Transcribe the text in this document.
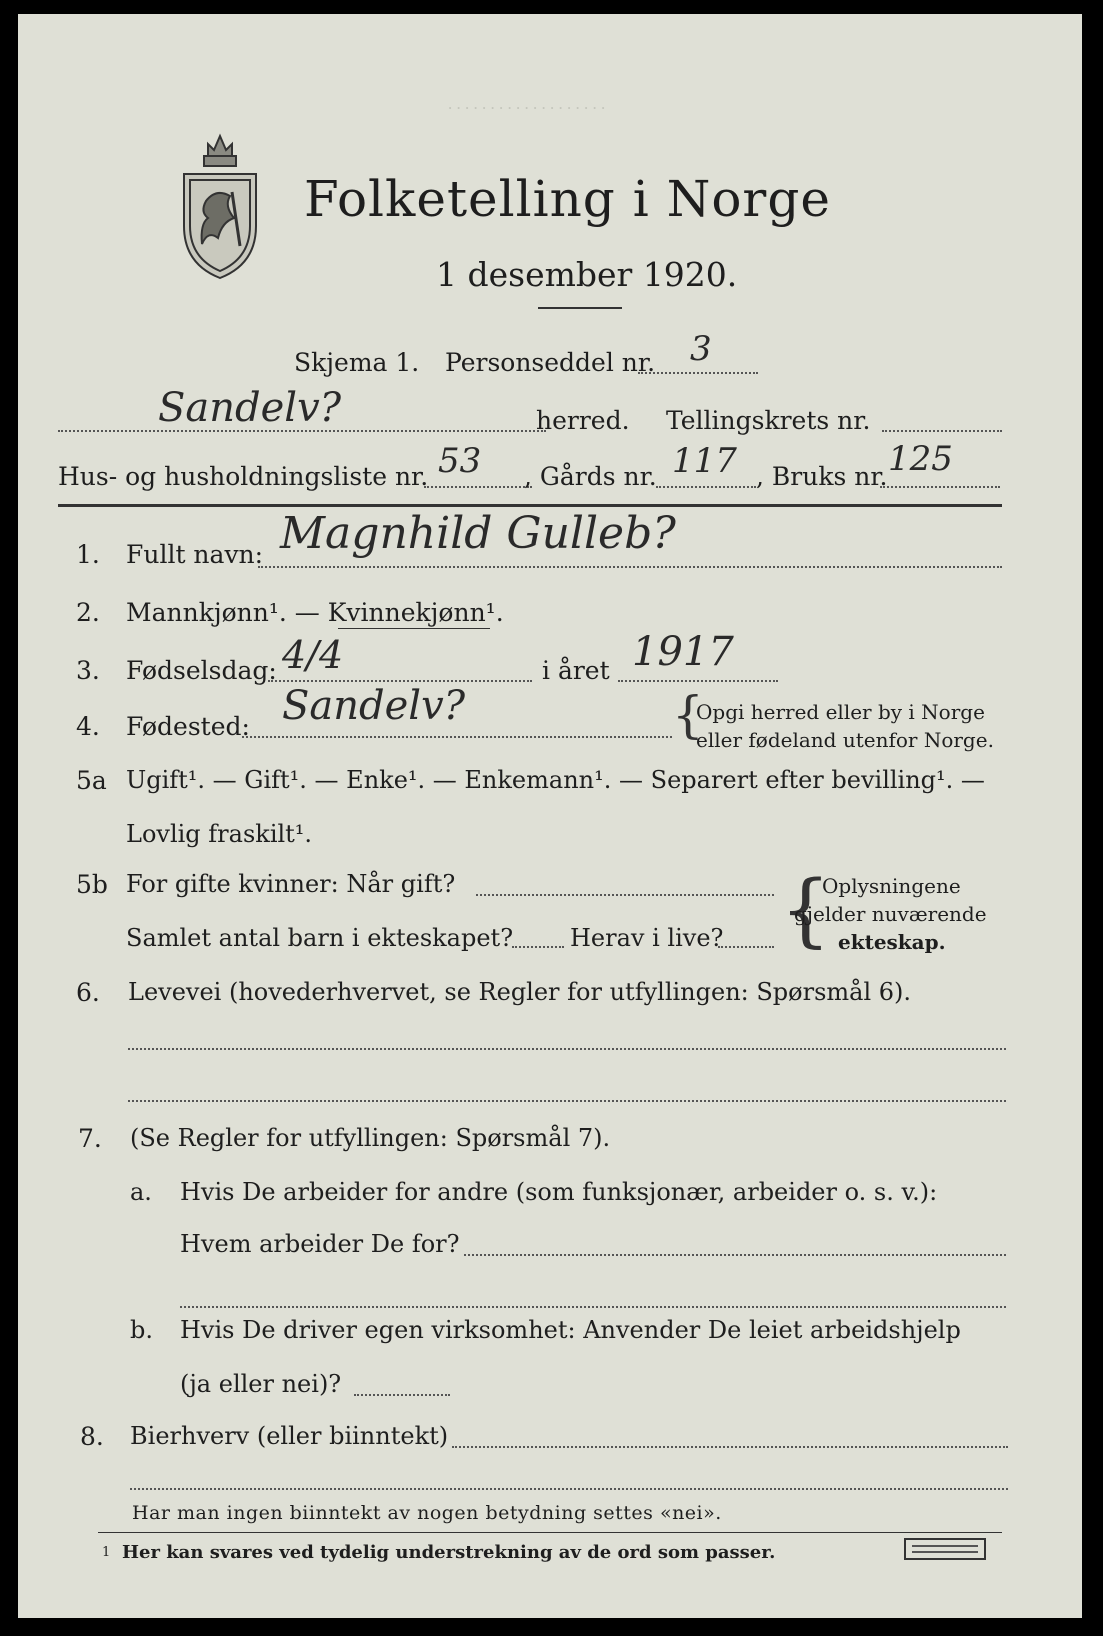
. . . . . . . . . . . . . . . . . . .
Folketelling i Norge
1 desember 1920.
Skjema 1. Personseddel nr. 3
Sandelv?	herred. Tellingskrets nr.
Hus- og husholdningsliste nr. 53 , Gårds nr. 117 , Bruks nr. 125
1. Fullt navn: Magnhild Gulleb?
2. Mannkjønn¹. — Kvinnekjønn¹.
3. Fødselsdag: 4/4	i året 1917
4. Fødested: Sandelv?	{
Opgi herred eller by i Norge
eller fødeland utenfor Norge.
5a Ugift¹. — Gift¹. — Enke¹. — Enkemann¹. — Separert efter bevilling¹. —
Lovlig fraskilt¹.
5b For gifte kvinner: Når gift?
Samlet antal barn i ekteskapet? Herav i live? {
Oplysningene
gjelder nuværende
ekteskap.
6. Levevei (hovederhvervet, se Regler for utfyllingen: Spørsmål 6).
7. (Se Regler for utfyllingen: Spørsmål 7).
a. Hvis De arbeider for andre (som funksjonær, arbeider o. s. v.):
Hvem arbeider De for?
b. Hvis De driver egen virksomhet: Anvender De leiet arbeidshjelp
(ja eller nei)?
8. Bierhverv (eller biinntekt)
Har man ingen biinntekt av nogen betydning settes «nei».
1 Her kan svares ved tydelig understrekning av de ord som passer.
